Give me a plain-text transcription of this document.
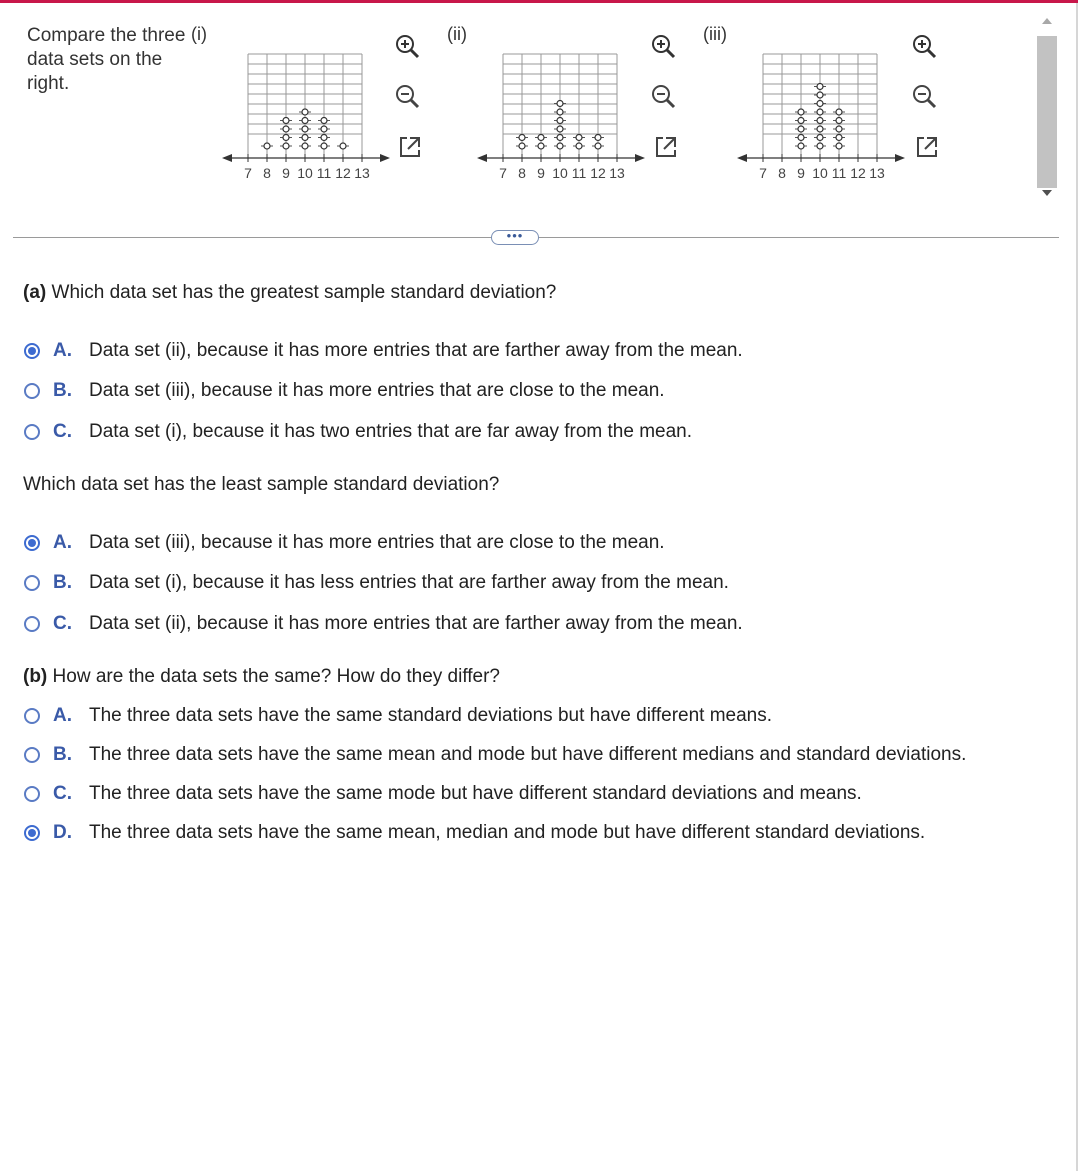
Compare the three data sets on the right.
(i)	(ii)	(iii)
7 8 9 10 11 12 13	7 8 9 10 11 12 13	7 8 9 10 11 12 13
•••
(a) Which data set has the greatest sample standard deviation?
A. Data set (ii), because it has more entries that are farther away from the mean.
B. Data set (iii), because it has more entries that are close to the mean.
C. Data set (i), because it has two entries that are far away from the mean.
Which data set has the least sample standard deviation?
A. Data set (iii), because it has more entries that are close to the mean.
B. Data set (i), because it has less entries that are farther away from the mean.
C. Data set (ii), because it has more entries that are farther away from the mean.
(b) How are the data sets the same? How do they differ?
A. The three data sets have the same standard deviations but have different means.
B. The three data sets have the same mean and mode but have different medians and standard deviations.
C. The three data sets have the same mode but have different standard deviations and means.
D. The three data sets have the same mean, median and mode but have different standard deviations.
